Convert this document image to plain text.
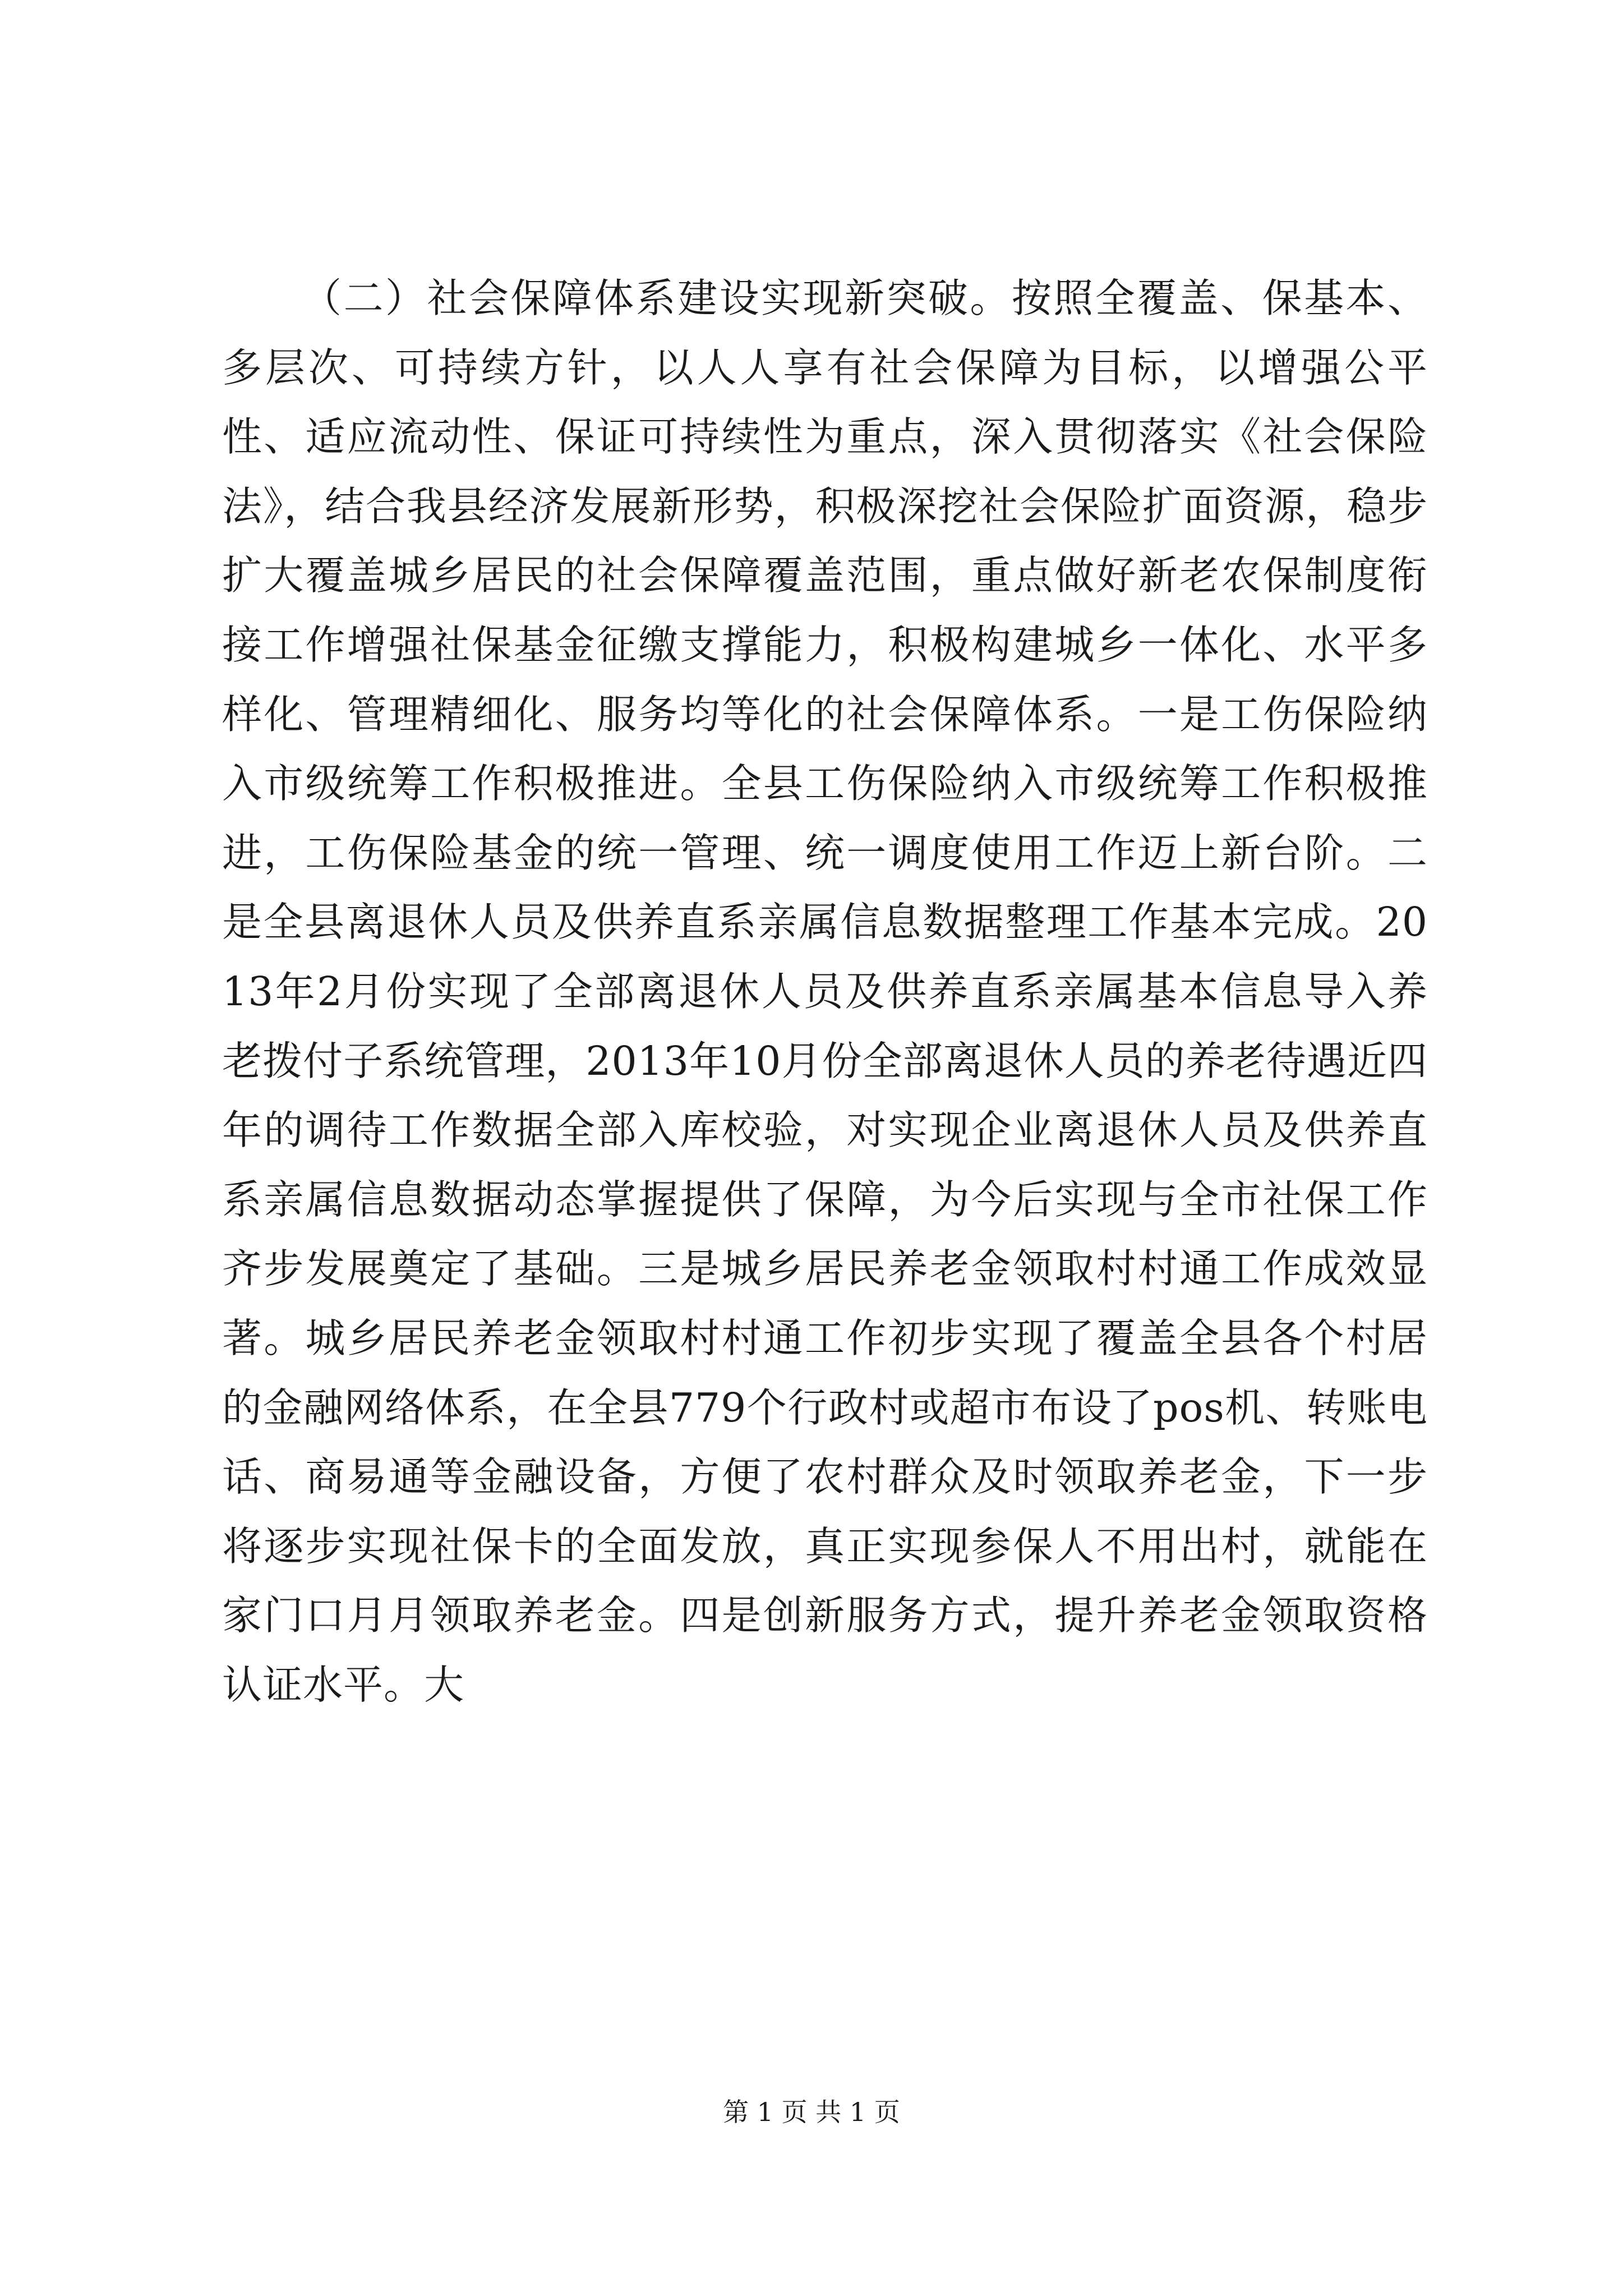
（二）社会保障体系建设实现新突破。按照全覆盖、保基本、多层次、可持续方针，以人人享有社会保障为目标，以增强公平性、适应流动性、保证可持续性为重点，深入贯彻落实《社会保险法》，结合我县经济发展新形势，积极深挖社会保险扩面资源，稳步扩大覆盖城乡居民的社会保障覆盖范围，重点做好新老农保制度衔接工作增强社保基金征缴支撑能力，积极构建城乡一体化、水平多样化、管理精细化、服务均等化的社会保障体系。一是工伤保险纳入市级统筹工作积极推进。全县工伤保险纳入市级统筹工作积极推进，工伤保险基金的统一管理、统一调度使用工作迈上新台阶。二是全县离退休人员及供养直系亲属信息数据整理工作基本完成。2013年2月份实现了全部离退休人员及供养直系亲属基本信息导入养老拨付子系统管理，2013年10月份全部离退休人员的养老待遇近四年的调待工作数据全部入库校验，对实现企业离退休人员及供养直系亲属信息数据动态掌握提供了保障，为今后实现与全市社保工作齐步发展奠定了基础。三是城乡居民养老金领取村村通工作成效显著。城乡居民养老金领取村村通工作初步实现了覆盖全县各个村居的金融网络体系，在全县779个行政村或超市布设了pos机、转账电话、商易通等金融设备，方便了农村群众及时领取养老金，下一步将逐步实现社保卡的全面发放，真正实现参保人不用出村，就能在家门口月月领取养老金。四是创新服务方式，提升养老金领取资格认证水平。大

第 1 页 共 1 页
